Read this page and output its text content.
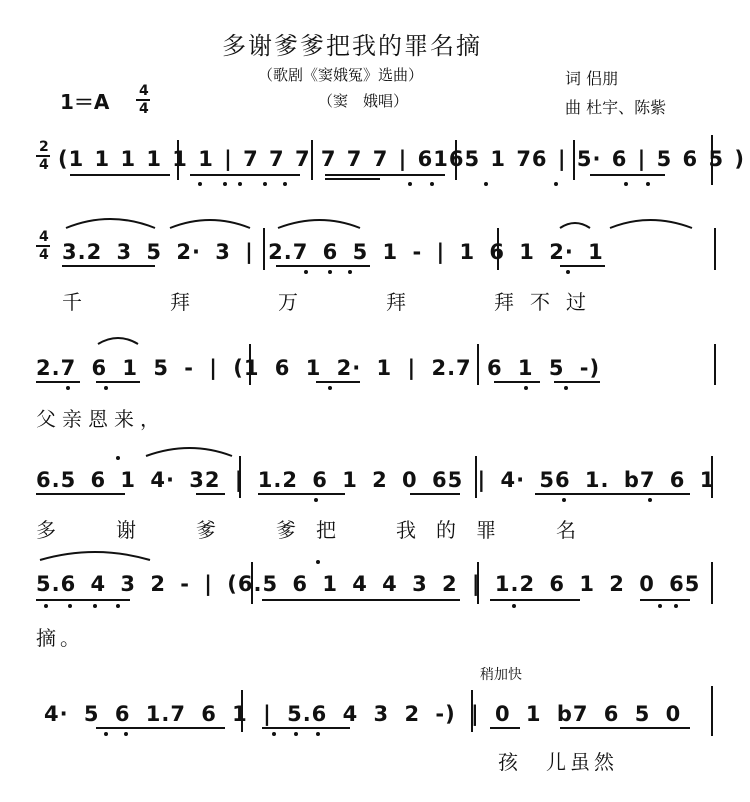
多谢爹爹把我的罪名摘
（歌剧《窦娥冤》选曲）
（窦　娥唱）
词 侣朋
曲 杜宇、陈紫
1＝A 4
4
2
4 (1 1 1 1 1 1 | 7 7 7 7 7 7 | 6165 1 76 | 5· 6 | 5 6 5 )
4
4 3.2 3 5 2· 3 | 2.7 6 5 1 - | 1 6 1 2· 1
千　　拜　　万　　拜　　拜不过
2.7 6 1 5 - | (1 6 1 2· 1 | 2.7 6 1 5 -)
父亲恩来，
6.5 6 1 4· 32 | 1.2 6 1 2 0 65 | 4· 56 1. b7 6 1
多　谢　爹　爹把　我的罪　名
5.6 4 3 2 - | (6.5 6 1 4 4 3 2 | 1.2 6 1 2 0 65
摘。
稍加快
4· 5 6 1.7 6 1 | 5.6 4 3 2 -) | 0 1 b7 6 5 0
孩　儿虽然
